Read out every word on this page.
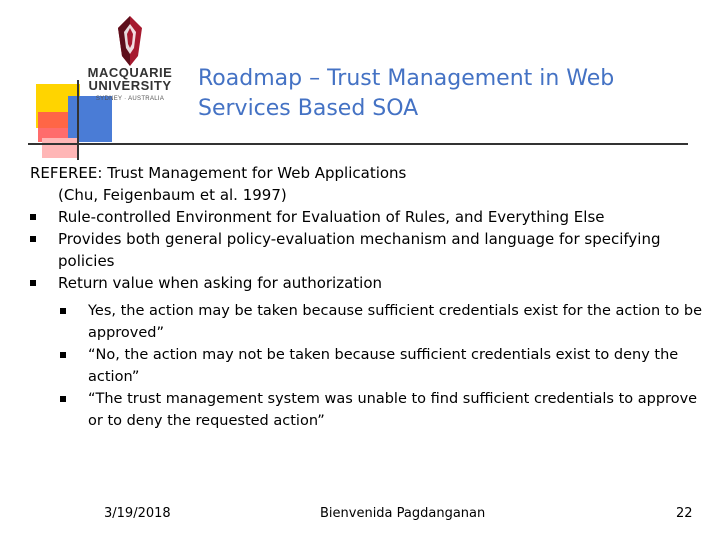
MACQUARIE
UNIVERSITY
SYDNEY · AUSTRALIA
Roadmap – Trust Management in Web
Services Based SOA

REFEREE: Trust Management for Web Applications

(Chu, Feigenbaum et al. 1997)

Rule-controlled Environment for Evaluation of Rules, and Everything Else
Provides both general policy-evaluation mechanism and language for specifying policies
Return value when asking for authorization
Yes, the action may be taken because sufficient credentials exist for the action to be approved”
“No, the action may not be taken because sufficient credentials exist to deny the action”
“The trust management system was unable to find sufficient credentials to approve or to deny the requested action”
3/19/2018	Bienvenida Pagdanganan	22
